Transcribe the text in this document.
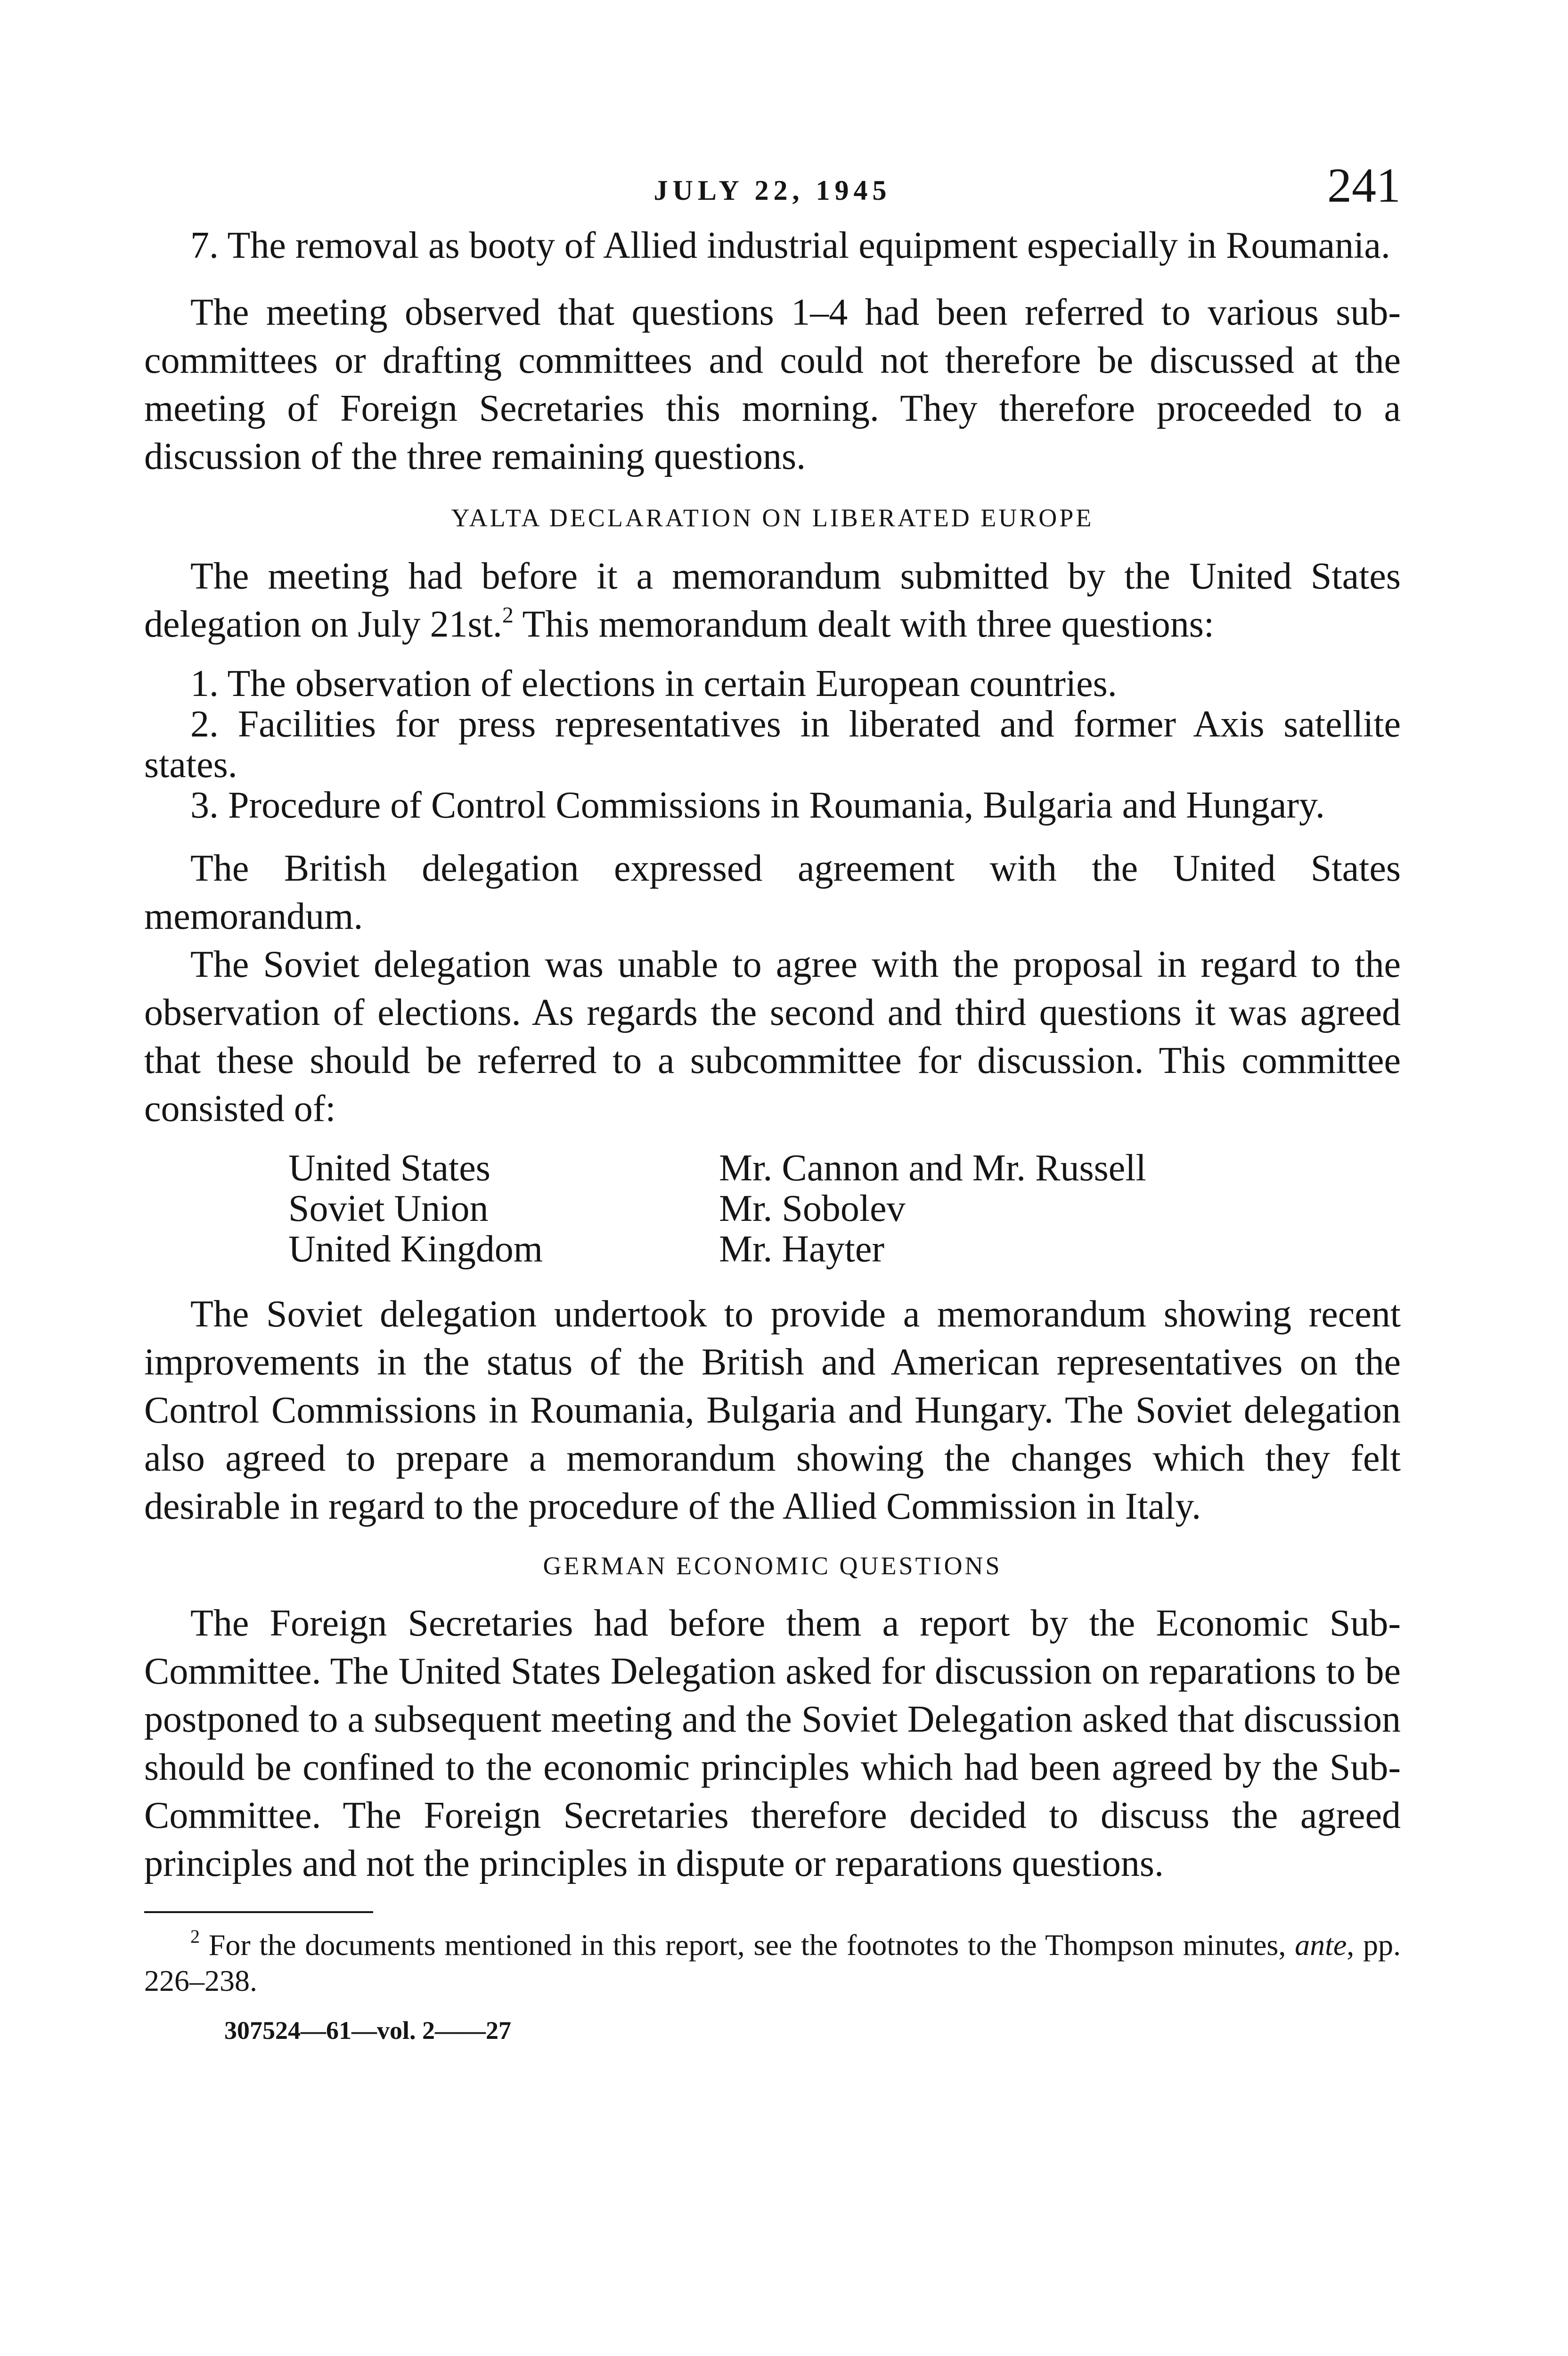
JULY 22, 1945	241

7. The removal as booty of Allied industrial equipment especially in Roumania.

The meeting observed that questions 1–4 had been referred to various sub-committees or drafting committees and could not therefore be discussed at the meeting of Foreign Secretaries this morning. They therefore proceeded to a discussion of the three remaining questions.

YALTA DECLARATION ON LIBERATED EUROPE

The meeting had before it a memorandum submitted by the United States delegation on July 21st.$^2$ This memorandum dealt with three questions:

1. The observation of elections in certain European countries.

2. Facilities for press representatives in liberated and former Axis satellite states.

3. Procedure of Control Commissions in Roumania, Bulgaria and Hungary.

The British delegation expressed agreement with the United States memorandum.

The Soviet delegation was unable to agree with the proposal in regard to the observation of elections. As regards the second and third questions it was agreed that these should be referred to a subcommittee for discussion. This committee consisted of:

United States	Mr. Cannon and Mr. Russell
Soviet Union	Mr. Sobolev
United Kingdom	Mr. Hayter

The Soviet delegation undertook to provide a memorandum showing recent improvements in the status of the British and American representatives on the Control Commissions in Roumania, Bulgaria and Hungary. The Soviet delegation also agreed to prepare a memorandum showing the changes which they felt desirable in regard to the procedure of the Allied Commission in Italy.

GERMAN ECONOMIC QUESTIONS

The Foreign Secretaries had before them a report by the Economic Sub-Committee. The United States Delegation asked for discussion on reparations to be postponed to a subsequent meeting and the Soviet Delegation asked that discussion should be confined to the economic principles which had been agreed by the Sub-Committee. The Foreign Secretaries therefore decided to discuss the agreed principles and not the principles in dispute or reparations questions.

$^2$ For the documents mentioned in this report, see the footnotes to the Thompson minutes, ante, pp. 226–238.

307524—61—vol. 2——27
